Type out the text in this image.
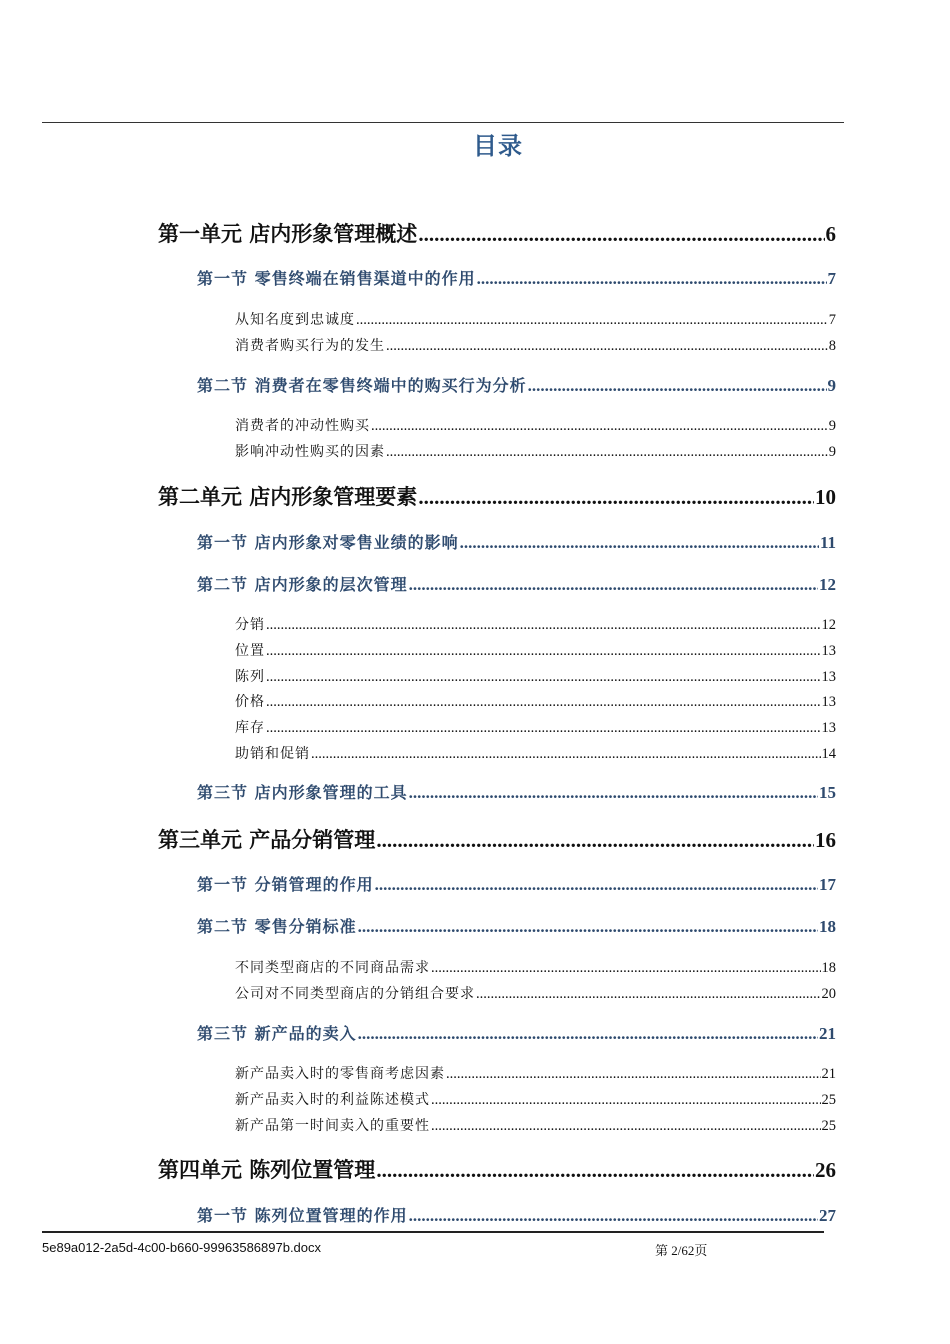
目录
第一单元 店内形象管理概述 .....	6
第一节 零售终端在销售渠道中的作用 .....	7
从知名度到忠诚度 .....	7
消费者购买行为的发生 .....	8
第二节 消费者在零售终端中的购买行为分析 .....	9
消费者的冲动性购买 .....	9
影响冲动性购买的因素 .....	9
第二单元 店内形象管理要素 .....	10
第一节 店内形象对零售业绩的影响 .....	11
第二节 店内形象的层次管理 .....	12
分销 .....	12
位置 .....	13
陈列 .....	13
价格 .....	13
库存 .....	13
助销和促销 .....	14
第三节 店内形象管理的工具 .....	15
第三单元 产品分销管理 .....	16
第一节 分销管理的作用 .....	17
第二节 零售分销标准 .....	18
不同类型商店的不同商品需求 .....	18
公司对不同类型商店的分销组合要求 .....	20
第三节 新产品的卖入 .....	21
新产品卖入时的零售商考虑因素 .....	21
新产品卖入时的利益陈述模式 .....	25
新产品第一时间卖入的重要性 .....	25
第四单元 陈列位置管理 .....	26
第一节 陈列位置管理的作用 .....	27
5e89a012-2a5d-4c00-b660-99963586897b.docx	第 2/62页
